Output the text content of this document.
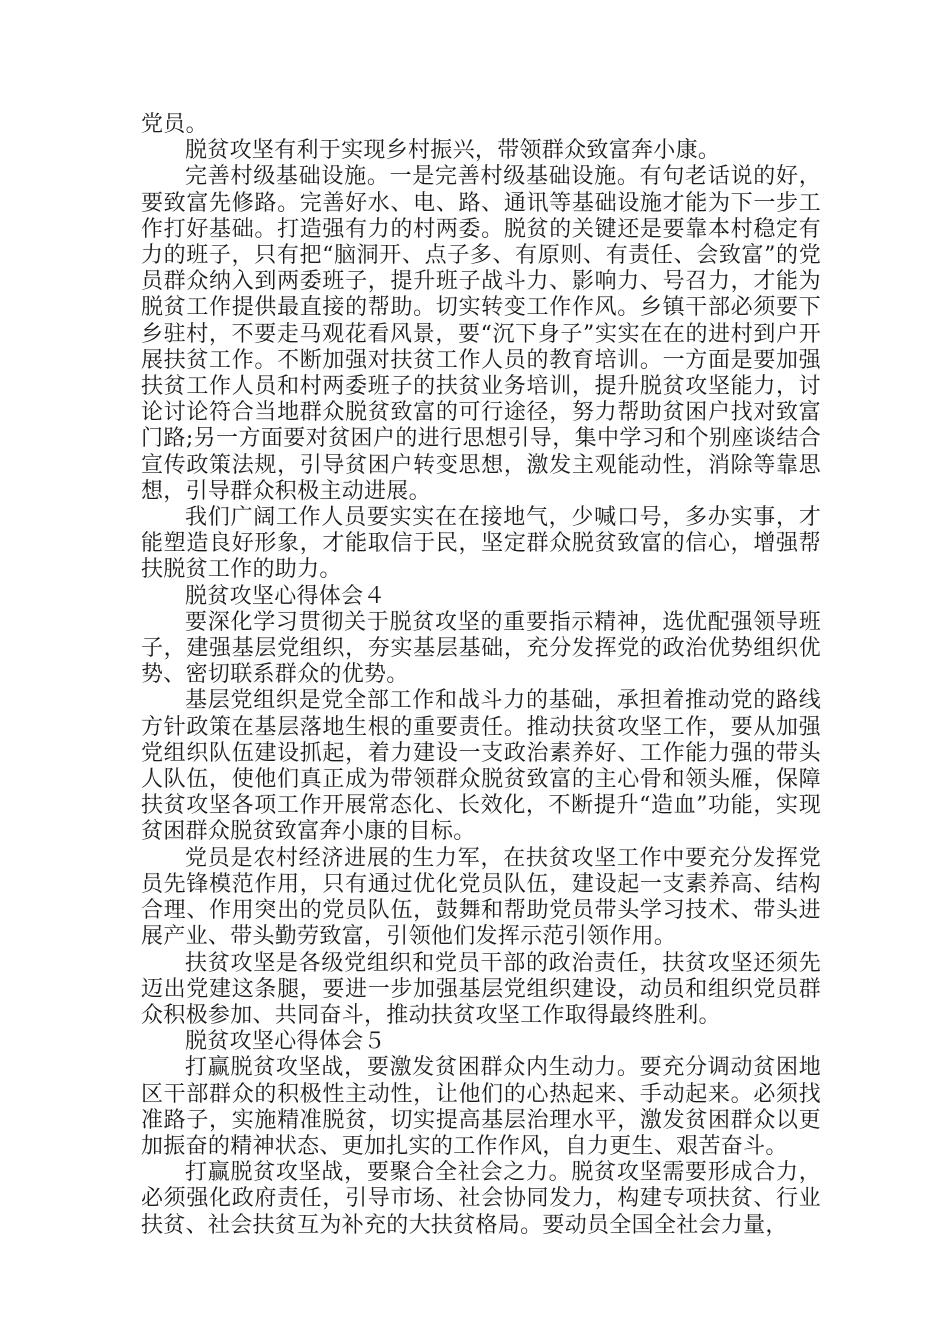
党员。

脱贫攻坚有利于实现乡村振兴，带领群众致富奔小康。

完善村级基础设施。一是完善村级基础设施。有句老话说的好，要致富先修路。完善好水、电、路、通讯等基础设施才能为下一步工作打好基础。打造强有力的村两委。脱贫的关键还是要靠本村稳定有力的班子，只有把“脑洞开、点子多、有原则、有责任、会致富”的党员群众纳入到两委班子，提升班子战斗力、影响力、号召力，才能为脱贫工作提供最直接的帮助。切实转变工作作风。乡镇干部必须要下乡驻村，不要走马观花看风景，要“沉下身子”实实在在的进村到户开展扶贫工作。不断加强对扶贫工作人员的教育培训。一方面是要加强扶贫工作人员和村两委班子的扶贫业务培训，提升脱贫攻坚能力，讨论讨论符合当地群众脱贫致富的可行途径，努力帮助贫困户找对致富门路;另一方面要对贫困户的进行思想引导，集中学习和个别座谈结合宣传政策法规，引导贫困户转变思想，激发主观能动性，消除等靠思想，引导群众积极主动进展。

我们广阔工作人员要实实在在接地气，少喊口号，多办实事，才能塑造良好形象，才能取信于民，坚定群众脱贫致富的信心，增强帮扶脱贫工作的助力。

脱贫攻坚心得体会４

要深化学习贯彻关于脱贫攻坚的重要指示精神，选优配强领导班子，建强基层党组织，夯实基层基础，充分发挥党的政治优势组织优势、密切联系群众的优势。

基层党组织是党全部工作和战斗力的基础，承担着推动党的路线方针政策在基层落地生根的重要责任。推动扶贫攻坚工作，要从加强党组织队伍建设抓起，着力建设一支政治素养好、工作能力强的带头人队伍，使他们真正成为带领群众脱贫致富的主心骨和领头雁，保障扶贫攻坚各项工作开展常态化、长效化，不断提升“造血”功能，实现贫困群众脱贫致富奔小康的目标。

党员是农村经济进展的生力军，在扶贫攻坚工作中要充分发挥党员先锋模范作用，只有通过优化党员队伍，建设起一支素养高、结构合理、作用突出的党员队伍，鼓舞和帮助党员带头学习技术、带头进展产业、带头勤劳致富，引领他们发挥示范引领作用。

扶贫攻坚是各级党组织和党员干部的政治责任，扶贫攻坚还须先迈出党建这条腿，要进一步加强基层党组织建设，动员和组织党员群众积极参加、共同奋斗，推动扶贫攻坚工作取得最终胜利。

脱贫攻坚心得体会５

打赢脱贫攻坚战，要激发贫困群众内生动力。要充分调动贫困地区干部群众的积极性主动性，让他们的心热起来、手动起来。必须找准路子，实施精准脱贫，切实提高基层治理水平，激发贫困群众以更加振奋的精神状态、更加扎实的工作作风，自力更生、艰苦奋斗。

打赢脱贫攻坚战，要聚合全社会之力。脱贫攻坚需要形成合力，必须强化政府责任，引导市场、社会协同发力，构建专项扶贫、行业扶贫、社会扶贫互为补充的大扶贫格局。要动员全国全社会力量，
